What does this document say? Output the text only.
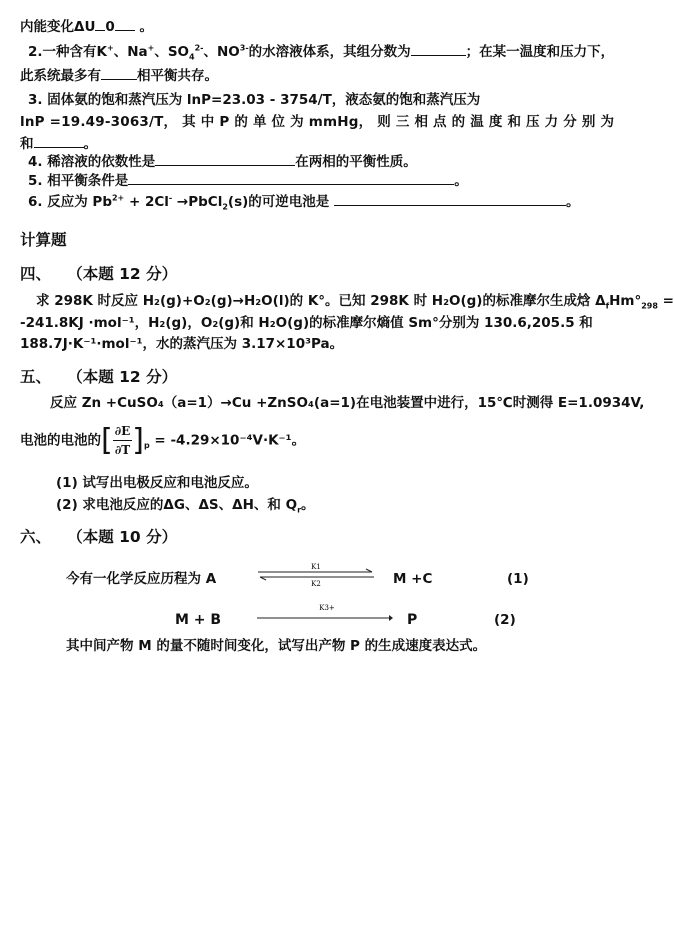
内能变化ΔU 0 。
2.一种含有K+、Na+、$SO_4^{2-}$、$NO^{3-}$的水溶液体系，其组分数为	；在某一温度和压力下，
此系统最多有	相平衡共存。
3. 固体氨的饱和蒸汽压为 lnP=23.03 - 3754/T，液态氨的饱和蒸汽压为
lnP =19.49-3063/T， 其 中 P 的 单 位 为 mmHg， 则 三 相 点 的 温 度 和 压 力 分 别 为
和	。
4. 稀溶液的依数性是	在两相的平衡性质。
5. 相平衡条件是	。
6. 反应为 $Pb^{2+} + 2Cl^-$ →PbCl$_2$(s)的可逆电池是	。
计算题
四、 （本题 12 分）
求 298K 时反应 H₂(g)+O₂(g)→H₂O(l)的 K°。已知 298K 时 H₂O(g)的标准摩尔生成焓 $\Delta_fHm^\circ_{298}$ =
-241.8KJ ·mol⁻¹，H₂(g)，O₂(g)和 H₂O(g)的标准摩尔熵值 Sm°分别为 130.6,205.5 和
188.7J·K⁻¹·mol⁻¹，水的蒸汽压为 3.17×10³Pa。
五、 （本题 12 分）
反应 Zn +CuSO₄（a=1）→Cu +ZnSO₄(a=1)在电池装置中进行，15℃时测得 E=1.0934V,
电池的电池的[ $\frac{\partial E}{\partial T} ]_p = -4.29\times 10^{-4}V\cdot K^{-1}$。
(1) 试写出电极反应和电池反应。
(2) 求电池反应的ΔG、ΔS、ΔH、和 $Q_r$。
六、 （本题 10 分）
今有一化学反应历程为 A
K1
K2	M +C	(1)
M + B
K3+
P	(2)
其中间产物 M 的量不随时间变化，试写出产物 P 的生成速度表达式。
